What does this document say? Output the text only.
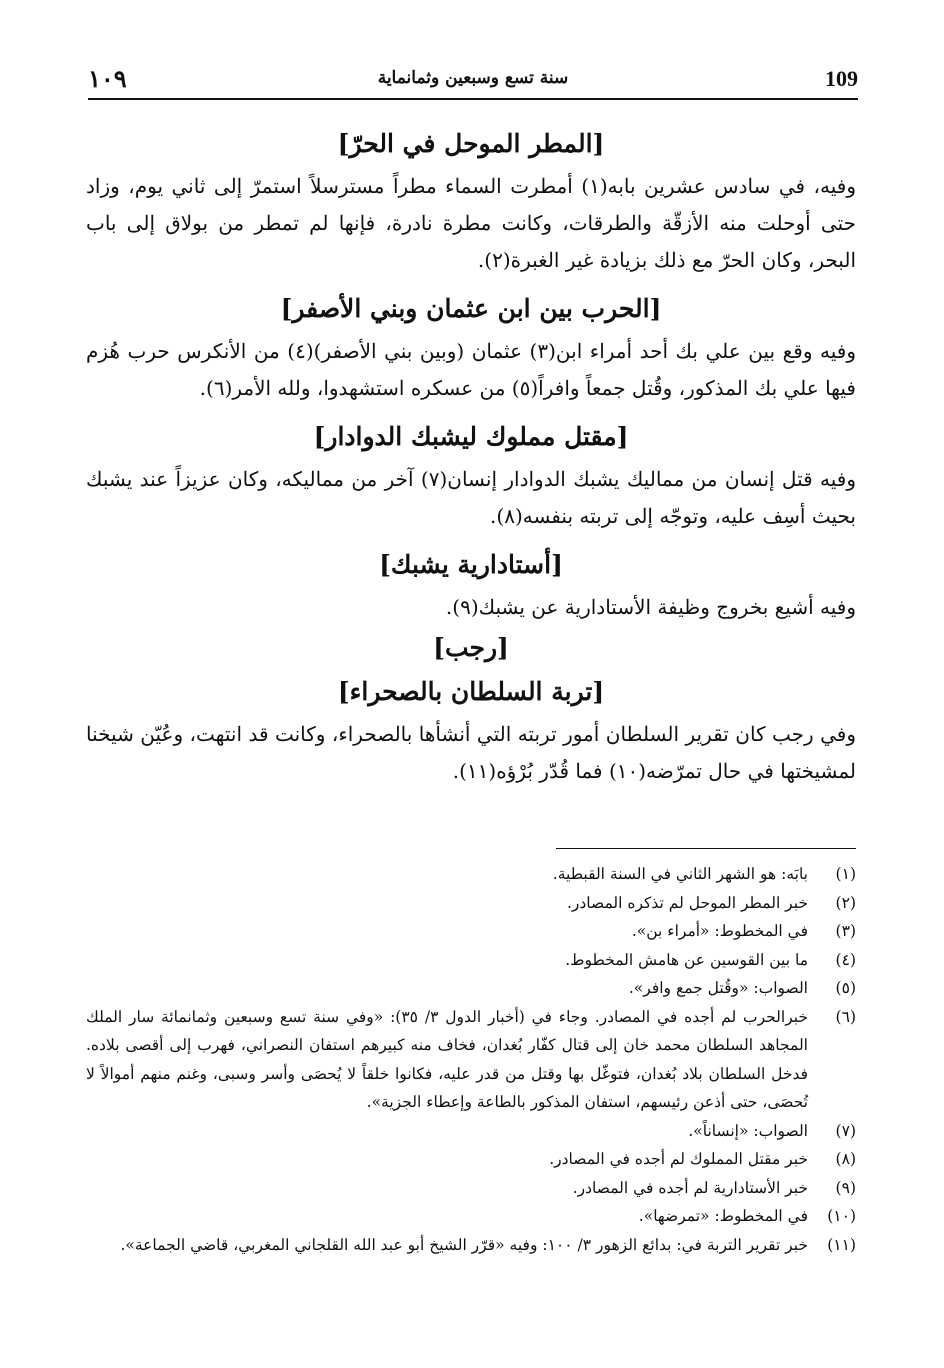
109
سنة تسع وسبعين وثمانماية
١٠٩
[المطر الموحل في الحرّ]

وفيه، في سادس عشرين بابه(١) أمطرت السماء مطراً مسترسلاً استمرّ إلى ثاني يوم، وزاد حتى أوحلت منه الأزقّة والطرقات، وكانت مطرة نادرة، فإنها لم تمطر من بولاق إلى باب البحر، وكان الحرّ مع ذلك بزيادة غير الغبرة(٢).

[الحرب بين ابن عثمان وبني الأصفر]

وفيه وقع بين علي بك أحد أمراء ابن(٣) عثمان (وبين بني الأصفر)(٤) من الأنكرس حرب هُزم فيها علي بك المذكور، وقُتل جمعاً وافراً(٥) من عسكره استشهدوا، ولله الأمر(٦).

[مقتل مملوك ليشبك الدوادار]

وفيه قتل إنسان من مماليك يشبك الدوادار إنسان(٧) آخر من مماليكه، وكان عزيزاً عند يشبك بحيث أسِف عليه، وتوجّه إلى تربته بنفسه(٨).

[أستادارية يشبك]

وفيه أشيع بخروج وظيفة الأستادارية عن يشبك(٩).

[رجب]
[تربة السلطان بالصحراء]

وفي رجب كان تقرير السلطان أمور تربته التي أنشأها بالصحراء، وكانت قد انتهت، وعُيّن شيخنا لمشيختها في حال تمرّضه(١٠) فما قُدّر بُرْؤه(١١).

(١)
بابَه: هو الشهر الثاني في السنة القبطية.
(٢)
خبر المطر الموحل لم تذكره المصادر.
(٣)
في المخطوط: «أمراء بن».
(٤)
ما بين القوسين عن هامش المخطوط.
(٥)
الصواب: «وقُتل جمع وافر».
(٦)
خبرالحرب لم أجده في المصادر. وجاء في (أخبار الدول ٣/ ٣٥): «وفي سنة تسع وسبعين وثمانمائة سار الملك المجاهد السلطان محمد خان إلى قتال كفّار بُغدان، فخاف منه كبيرهم استفان النصراني، فهرب إلى أقصى بلاده. فدخل السلطان بلاد بُغدان، فتوغّل بها وقتل من قدر عليه، فكانوا خلقاً لا يُحصَى وأسر وسبى، وغنم منهم أموالاً لا تُحصَى، حتى أذعن رئيسهم، استفان المذكور بالطاعة وإعطاء الجزية».
(٧)
الصواب: «إنساناً».
(٨)
خبر مقتل المملوك لم أجده في المصادر.
(٩)
خبر الأستادارية لم أجده في المصادر.
(١٠)
في المخطوط: «تمرضها».
(١١)
خبر تقرير التربة في: بدائع الزهور ٣/ ١٠٠: وفيه «قرّر الشيخ أبو عبد الله القلجاني المغربي، قاضي الجماعة».
